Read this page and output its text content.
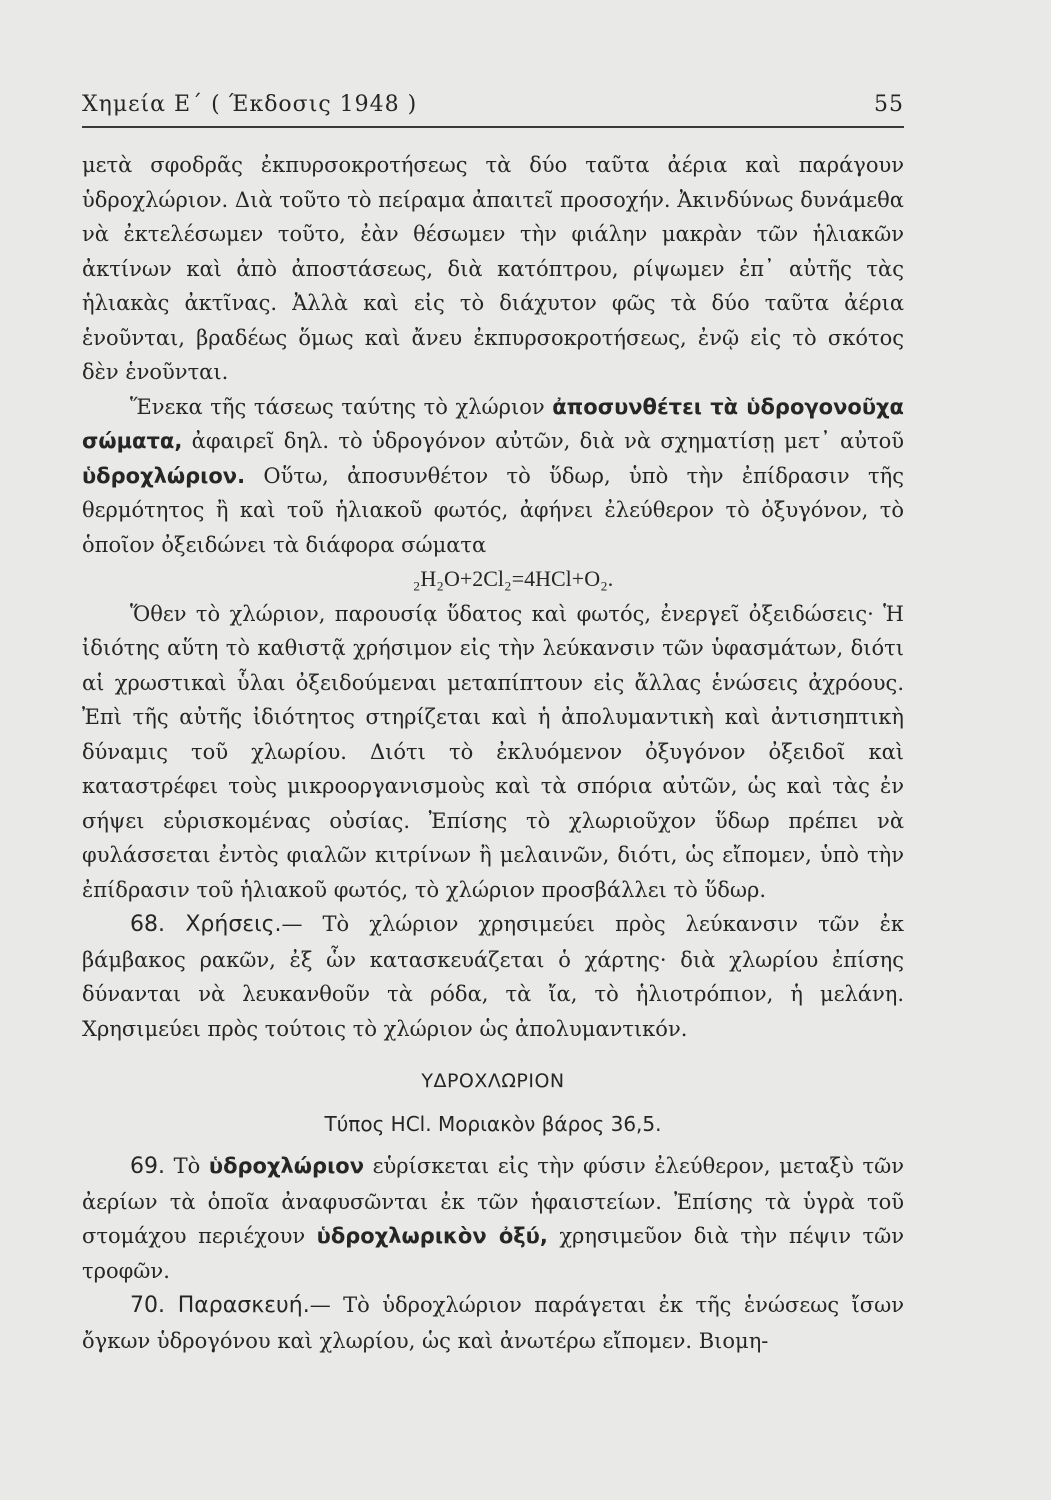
Χημεία Ε΄ ( Έκδοσις 1948 )	55

μετὰ σφοδρᾶς ἐκπυρσοκροτήσεως τὰ δύο ταῦτα ἀέρια καὶ παράγουν ὑδροχλώριον. Διὰ τοῦτο τὸ πείραμα ἀπαιτεῖ προσοχήν. Ἀκινδύνως δυνάμεθα νὰ ἐκτελέσωμεν τοῦτο, ἐὰν θέσωμεν τὴν φιάλην μακρὰν τῶν ἡλιακῶν ἀκτίνων καὶ ἀπὸ ἀποστάσεως, διὰ κατόπτρου, ρίψωμεν ἐπ᾽ αὐτῆς τὰς ἡλιακὰς ἀκτῖνας. Ἀλλὰ καὶ εἰς τὸ διάχυτον φῶς τὰ δύο ταῦτα ἀέρια ἑνοῦνται, βραδέως ὅμως καὶ ἄνευ ἐκπυρσοκροτήσεως, ἐνῷ εἰς τὸ σκότος δὲν ἑνοῦνται.

Ἕνεκα τῆς τάσεως ταύτης τὸ χλώριον ἀποσυνθέτει τὰ ὑδρογονοῦχα σώματα, ἀφαιρεῖ δηλ. τὸ ὑδρογόνον αὐτῶν, διὰ νὰ σχηματίσῃ μετ᾽ αὐτοῦ ὑδροχλώριον. Οὕτω, ἀποσυνθέτον τὸ ὕδωρ, ὑπὸ τὴν ἐπίδρασιν τῆς θερμότητος ἢ καὶ τοῦ ἡλιακοῦ φωτός, ἀφήνει ἐλεύθερον τὸ ὀξυγόνον, τὸ ὁποῖον ὀξειδώνει τὰ διάφορα σώματα

₂H₂O+2Cl₂=4HCl+O₂.

Ὅθεν τὸ χλώριον, παρουσίᾳ ὕδατος καὶ φωτός, ἐνεργεῖ ὀξειδώσεις· Ἡ ἰδιότης αὕτη τὸ καθιστᾷ χρήσιμον εἰς τὴν λεύκανσιν τῶν ὑφασμάτων, διότι αἱ χρωστικαὶ ὗλαι ὀξειδούμεναι μεταπίπτουν εἰς ἄλλας ἑνώσεις ἀχρόους. Ἐπὶ τῆς αὐτῆς ἰδιότητος στηρίζεται καὶ ἡ ἀπολυμαντικὴ καὶ ἀντισηπτικὴ δύναμις τοῦ χλωρίου. Διότι τὸ ἐκλυόμενον ὀξυγόνον ὀξειδοῖ καὶ καταστρέφει τοὺς μικροοργανισμοὺς καὶ τὰ σπόρια αὐτῶν, ὡς καὶ τὰς ἐν σήψει εὑρισκομένας οὐσίας. Ἐπίσης τὸ χλωριοῦχον ὕδωρ πρέπει νὰ φυλάσσεται ἐντὸς φιαλῶν κιτρίνων ἢ μελαινῶν, διότι, ὡς εἴπομεν, ὑπὸ τὴν ἐπίδρασιν τοῦ ἡλιακοῦ φωτός, τὸ χλώριον προσβάλλει τὸ ὕδωρ.

68. Χρήσεις.— Τὸ χλώριον χρησιμεύει πρὸς λεύκανσιν τῶν ἐκ βάμβακος ρακῶν, ἐξ ὧν κατασκευάζεται ὁ χάρτης· διὰ χλωρίου ἐπίσης δύνανται νὰ λευκανθοῦν τὰ ρόδα, τὰ ἴα, τὸ ἡλιοτρόπιον, ἡ μελάνη. Χρησιμεύει πρὸς τούτοις τὸ χλώριον ὡς ἀπολυμαντικόν.

ΥΔΡΟΧΛΩΡΙΟΝ

Τύπος HCl. Μοριακὸν βάρος 36,5.

69. Τὸ ὑδροχλώριον εὑρίσκεται εἰς τὴν φύσιν ἐλεύθερον, μεταξὺ τῶν ἀερίων τὰ ὁποῖα ἀναφυσῶνται ἐκ τῶν ἡφαιστείων. Ἐπίσης τὰ ὑγρὰ τοῦ στομάχου περιέχουν ὑδροχλωρικὸν ὀξύ, χρησιμεῦον διὰ τὴν πέψιν τῶν τροφῶν.

70. Παρασκευή.— Τὸ ὑδροχλώριον παράγεται ἐκ τῆς ἑνώσεως ἴσων ὄγκων ὑδρογόνου καὶ χλωρίου, ὡς καὶ ἀνωτέρω εἴπομεν. Βιομη-
